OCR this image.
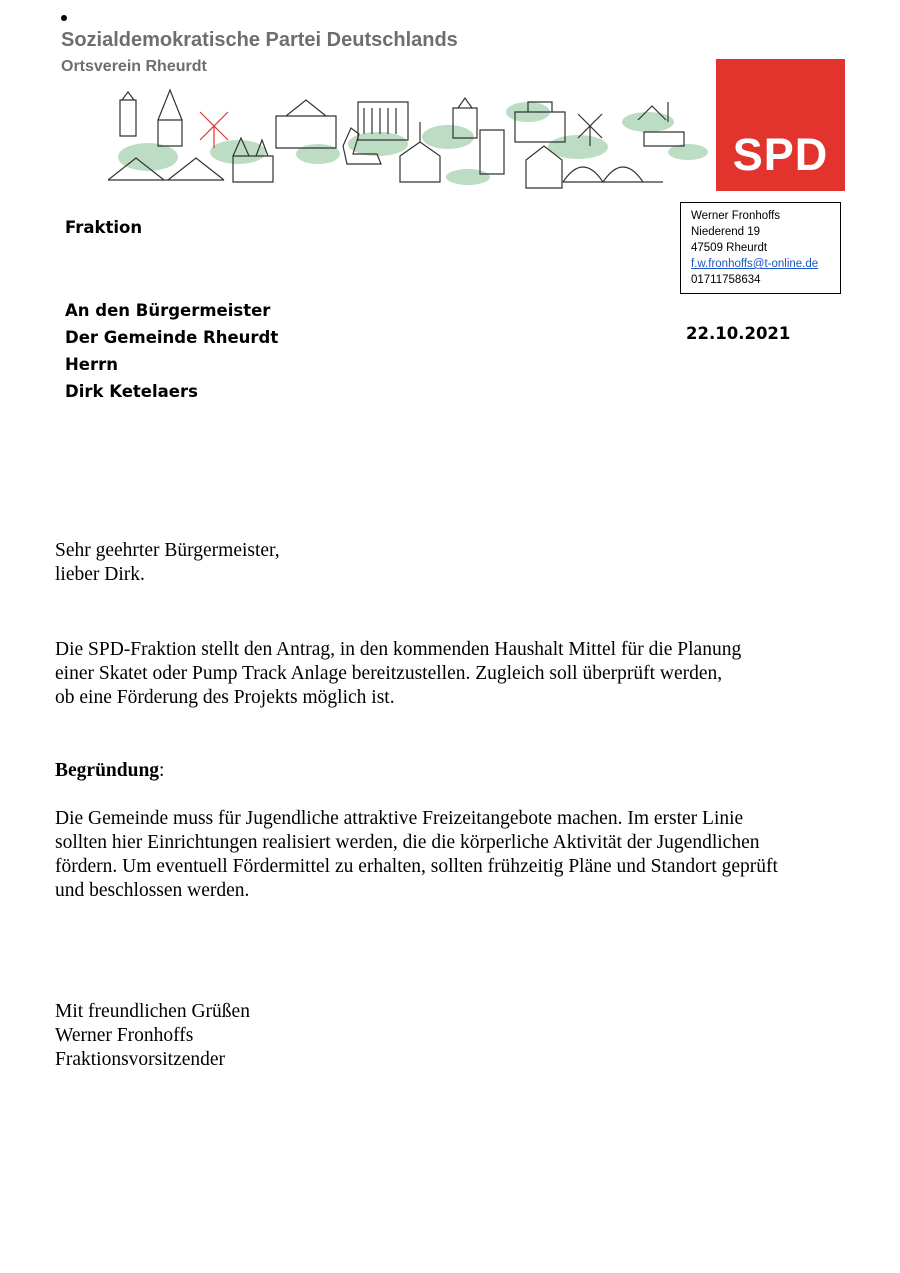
Sozialdemokratische Partei Deutschlands
Ortsverein Rheurdt
SPD
Fraktion
Werner Fronhoffs
Niederend 19
47509 Rheurdt
f.w.fronhoffs@t-online.de
01711758634
An den Bürgermeister
Der Gemeinde Rheurdt
Herrn
Dirk Ketelaers
22.10.2021
Sehr geehrter Bürgermeister,
lieber Dirk.
Die SPD-Fraktion stellt den Antrag, in den kommenden Haushalt Mittel für die Planung
einer Skatet oder Pump Track Anlage bereitzustellen. Zugleich soll überprüft werden,
ob eine Förderung des Projekts möglich ist.
Begründung:
Die Gemeinde muss für Jugendliche attraktive Freizeitangebote machen. Im erster Linie
sollten hier Einrichtungen realisiert werden, die die körperliche Aktivität der Jugendlichen
fördern. Um eventuell Fördermittel zu erhalten, sollten frühzeitig Pläne und Standort geprüft
und beschlossen werden.
Mit freundlichen Grüßen
Werner Fronhoffs
Fraktionsvorsitzender
